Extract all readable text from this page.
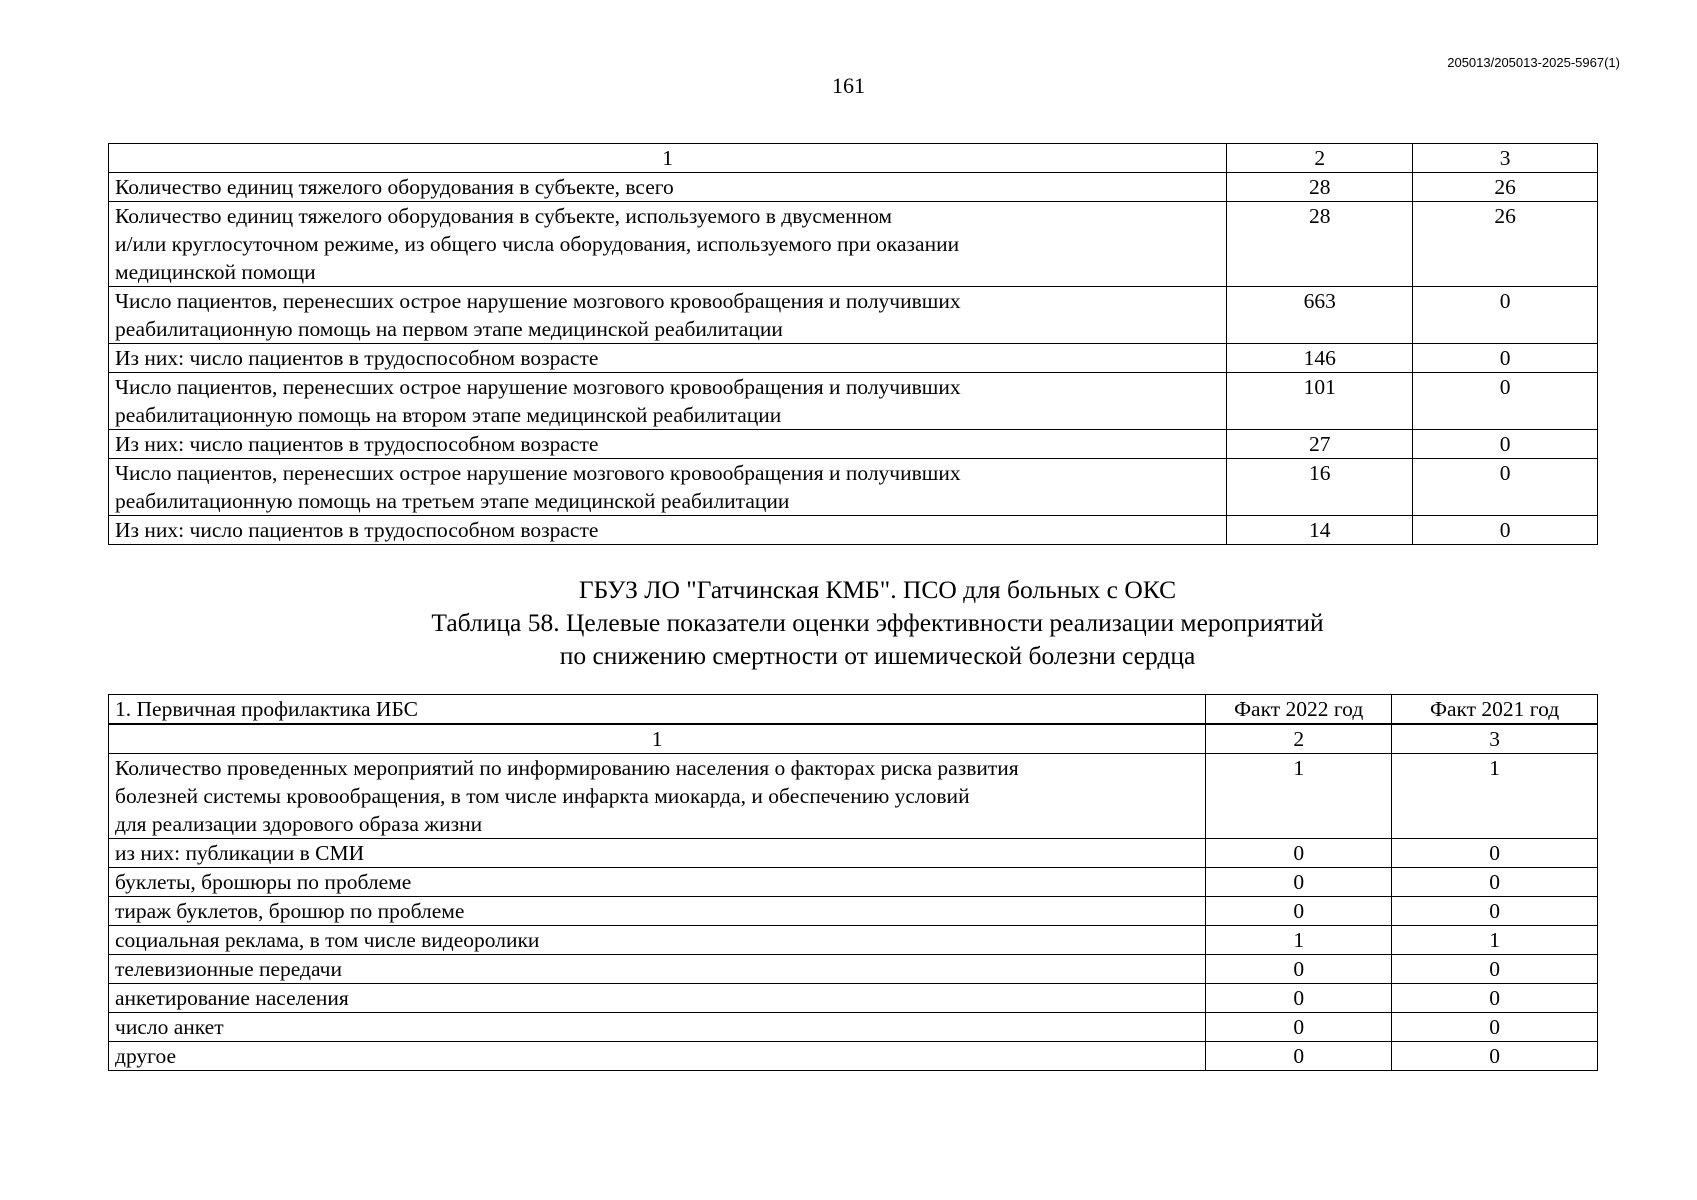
205013/205013-2025-5967(1)
161
1	2	3
Количество единиц тяжелого оборудования в субъекте, всего	28	26
Количество единиц тяжелого оборудования в субъекте, используемого в двусменном
и/или круглосуточном режиме, из общего числа оборудования, используемого при оказании
медицинской помощи	28	26
Число пациентов, перенесших острое нарушение мозгового кровообращения и получивших
реабилитационную помощь на первом этапе медицинской реабилитации	663	0
Из них: число пациентов в трудоспособном возрасте	146	0
Число пациентов, перенесших острое нарушение мозгового кровообращения и получивших
реабилитационную помощь на втором этапе медицинской реабилитации	101	0
Из них: число пациентов в трудоспособном возрасте	27	0
Число пациентов, перенесших острое нарушение мозгового кровообращения и получивших
реабилитационную помощь на третьем этапе медицинской реабилитации	16	0
Из них: число пациентов в трудоспособном возрасте	14	0
ГБУЗ ЛО "Гатчинская КМБ". ПСО для больных с ОКС
Таблица 58. Целевые показатели оценки эффективности реализации мероприятий
по снижению смертности от ишемической болезни сердца
1. Первичная профилактика ИБС	Факт 2022 год	Факт 2021 год
1	2	3
Количество проведенных мероприятий по информированию населения о факторах риска развития
болезней системы кровообращения, в том числе инфаркта миокарда, и обеспечению условий
для реализации здорового образа жизни	1	1
из них: публикации в СМИ	0	0
буклеты, брошюры по проблеме	0	0
тираж буклетов, брошюр по проблеме	0	0
социальная реклама, в том числе видеоролики	1	1
телевизионные передачи	0	0
анкетирование населения	0	0
число анкет	0	0
другое	0	0
